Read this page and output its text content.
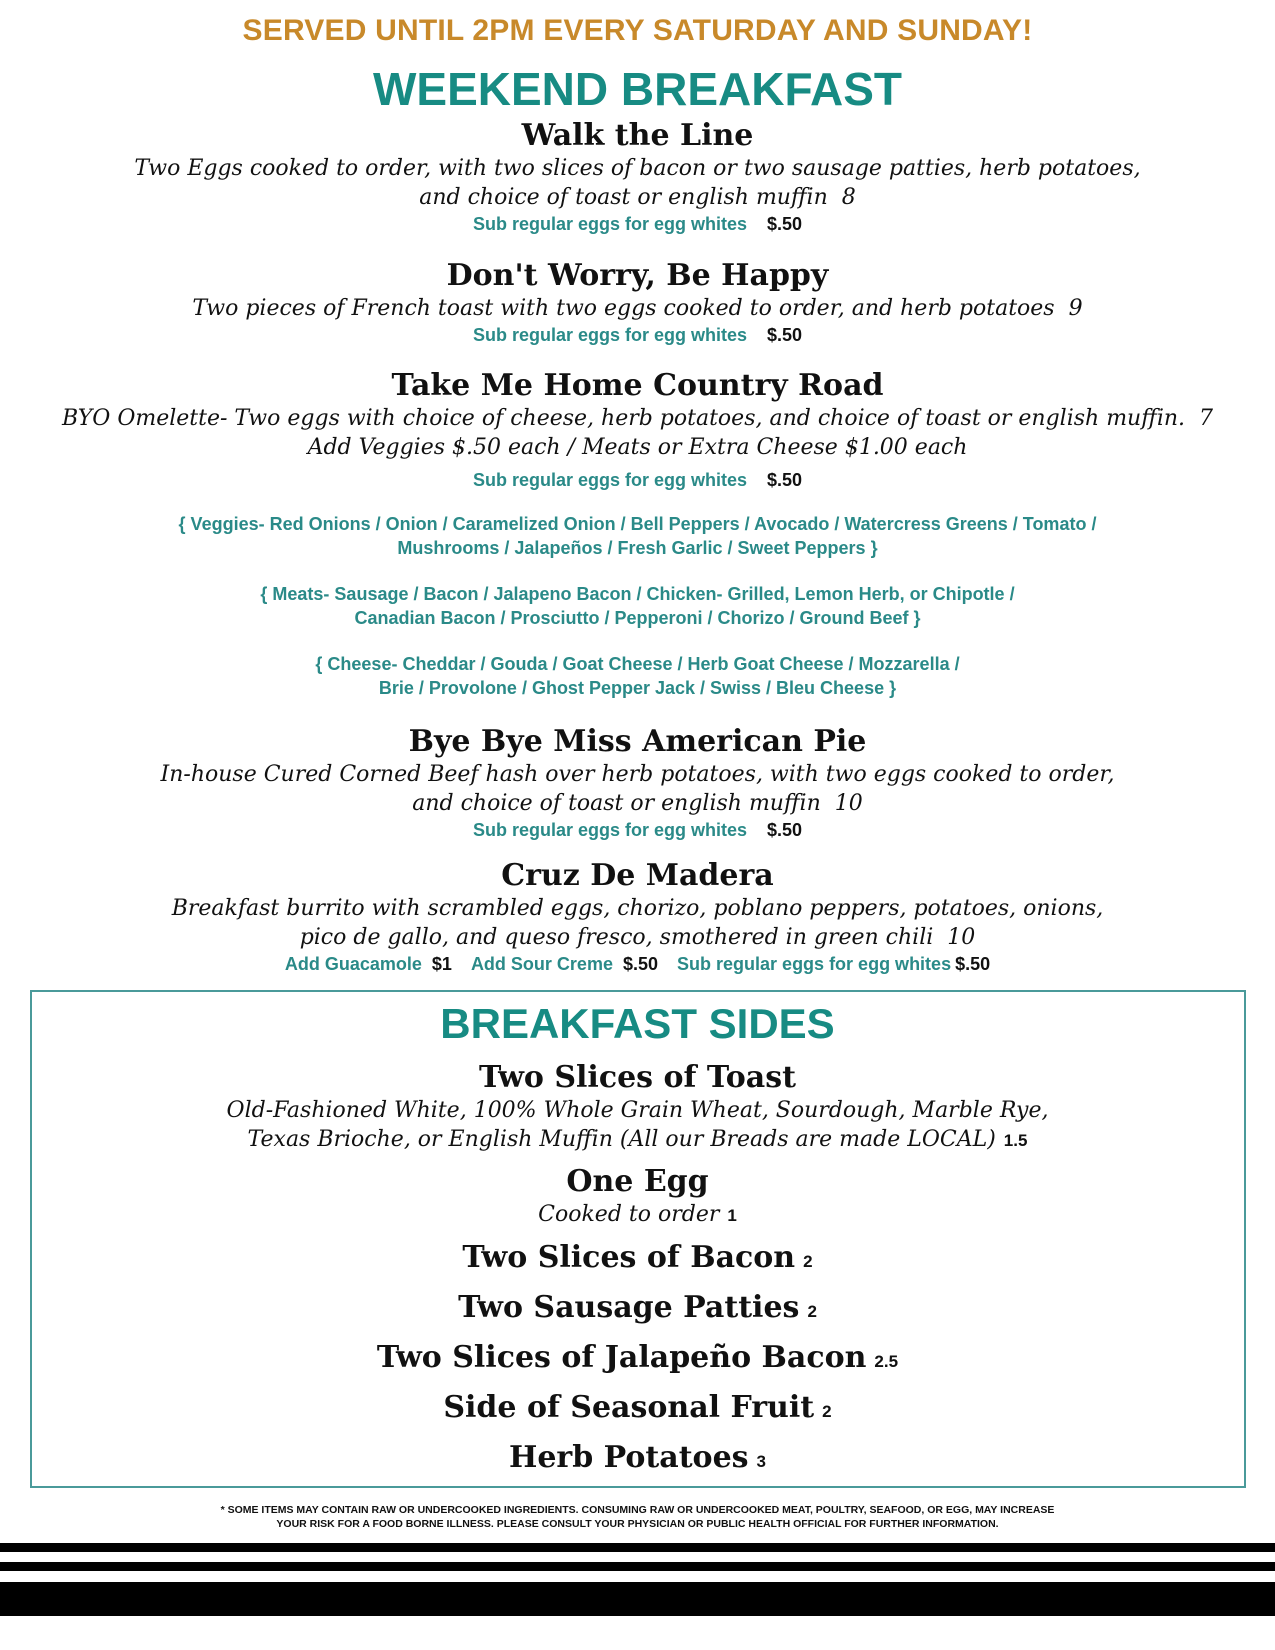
SERVED UNTIL 2PM EVERY SATURDAY AND SUNDAY!
WEEKEND BREAKFAST
Walk the Line
Two Eggs cooked to order, with two slices of bacon or two sausage patties, herb potatoes,
and choice of toast or english muffin 8
Sub regular eggs for egg whites $.50
Don't Worry, Be Happy
Two pieces of French toast with two eggs cooked to order, and herb potatoes 9
Sub regular eggs for egg whites $.50
Take Me Home Country Road
BYO Omelette- Two eggs with choice of cheese, herb potatoes, and choice of toast or english muffin. 7
Add Veggies $.50 each / Meats or Extra Cheese $1.00 each
Sub regular eggs for egg whites $.50
{ Veggies- Red Onions / Onion / Caramelized Onion / Bell Peppers / Avocado / Watercress Greens / Tomato /
Mushrooms / Jalapeños / Fresh Garlic / Sweet Peppers }
{ Meats- Sausage / Bacon / Jalapeno Bacon / Chicken- Grilled, Lemon Herb, or Chipotle /
Canadian Bacon / Prosciutto / Pepperoni / Chorizo / Ground Beef }
{ Cheese- Cheddar / Gouda / Goat Cheese / Herb Goat Cheese / Mozzarella /
Brie / Provolone / Ghost Pepper Jack / Swiss / Bleu Cheese }
Bye Bye Miss American Pie
In-house Cured Corned Beef hash over herb potatoes, with two eggs cooked to order,
and choice of toast or english muffin 10
Sub regular eggs for egg whites $.50
Cruz De Madera
Breakfast burrito with scrambled eggs, chorizo, poblano peppers, potatoes, onions,
pico de gallo, and queso fresco, smothered in green chili 10
Add Guacamole $1 Add Sour Creme $.50 Sub regular eggs for egg whites $.50
BREAKFAST SIDES
Two Slices of Toast
Old-Fashioned White, 100% Whole Grain Wheat, Sourdough, Marble Rye,
Texas Brioche, or English Muffin (All our Breads are made LOCAL) 1.5
One Egg
Cooked to order 1
Two Slices of Bacon 2
Two Sausage Patties 2
Two Slices of Jalapeño Bacon 2.5
Side of Seasonal Fruit 2
Herb Potatoes 3
* SOME ITEMS MAY CONTAIN RAW OR UNDERCOOKED INGREDIENTS. CONSUMING RAW OR UNDERCOOKED MEAT, POULTRY, SEAFOOD, OR EGG, MAY INCREASE
YOUR RISK FOR A FOOD BORNE ILLNESS. PLEASE CONSULT YOUR PHYSICIAN OR PUBLIC HEALTH OFFICIAL FOR FURTHER INFORMATION.
